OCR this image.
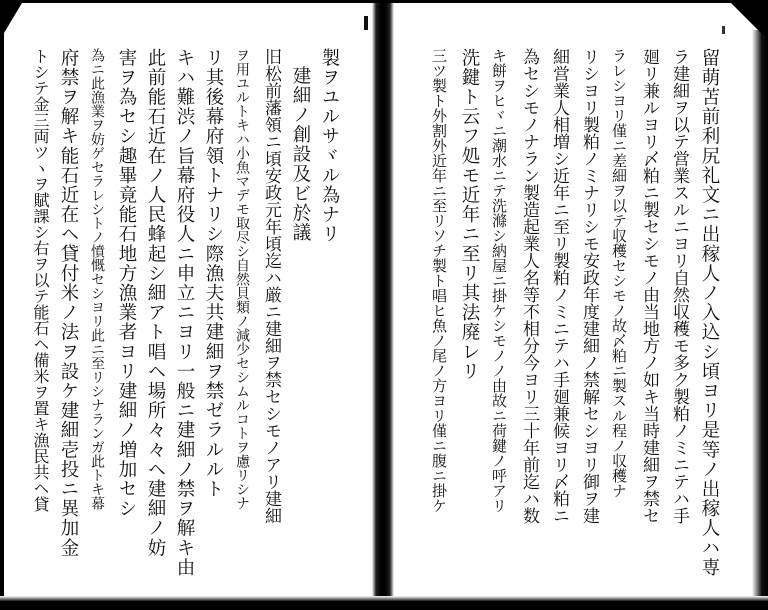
トシテ金三両ツヽヲ賦課シ右ヲ以テ能石ヘ備米ヲ置キ漁民共ヘ貸 府禁ヲ解キ能石近在ヘ貸付米ノ法ヲ設ケ建細壱投ニ異加金 為ニ此漁業ヲ妨ゲセラレシトノ憤慨セシヨリ此ニ至リシナランガ此トキ幕 害ヲ為セシ趣畢竟能石地方漁業者ヨリ建細ノ増加セシ 此前能石近在ノ人民蜂起シ細アト唱ヘ場所々々ヘ建細ノ妨 キハ難渋ノ旨幕府役人ニ申立ニヨリ一般ニ建細ノ禁ヲ解キ由 リ其後幕府領トナリシ際漁夫共建細ヲ禁ゼラルルト ヲ用ユルトキハ小魚マデモ取尽シ自然貝類ノ減少セシムルコトヲ慮リシナ 旧松前藩領ニ頃安政元年頃迄ハ厳ニ建細ヲ禁セシモノアリ建細 建細ノ創設及ビ於議 製ヲユルサヾル為ナリ	三ツ製ト外割外近年ニ至リソチ製ト唱ヒ魚ノ尾ノ方ヨリ僅ニ腹ニ掛ケ 洗鍵ト云フ処モ近年ニ至リ其法廃レリ キ餅ヲヒヾニ潮水ニテ洗滌シ納屋ニ掛ケシモノノ由故ニ荷鍵ノ呼アリ 為セシモノナラン製造起業人名等不相分今ヨリ三十年前迄ハ数 細営業人相増シ近年ニ至リ製粕ノミニテハ手廻兼候ヨリ〆粕ニ リシヨリ製粕ノミナリシモ安政年度建細ノ禁解セシヨリ御ヲ建 ラレシヨリ僅ニ差細ヲ以テ収穫セシモノ故〆粕ニ製スル程ノ収穫ナ 廻リ兼ルヨリ〆粕ニ製セシモノ由当地方ノ如キ当時建細ヲ禁セ ラ建細ヲ以テ営業スルニヨリ自然収穫モ多ク製粕ノミニテハ手 留萌苫前利尻礼文ニ出稼人ノ入込シ頃ヨリ是等ノ出稼人ハ専
